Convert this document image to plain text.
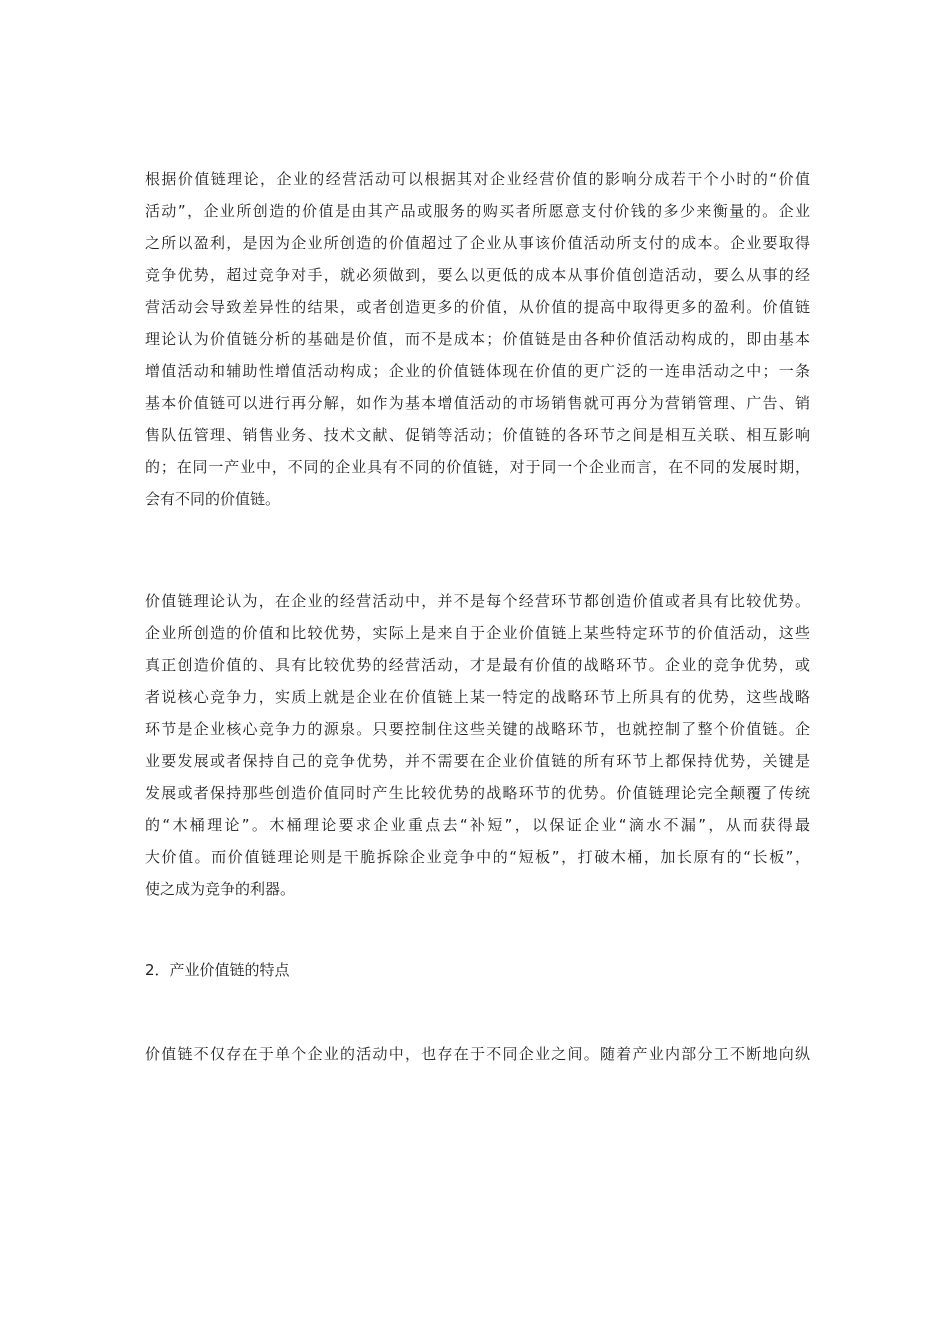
根据价值链理论，企业的经营活动可以根据其对企业经营价值的影响分成若干个小时的“价值
活动”，企业所创造的价值是由其产品或服务的购买者所愿意支付价钱的多少来衡量的。企业
之所以盈利，是因为企业所创造的价值超过了企业从事该价值活动所支付的成本。企业要取得
竞争优势，超过竞争对手，就必须做到，要么以更低的成本从事价值创造活动，要么从事的经
营活动会导致差异性的结果，或者创造更多的价值，从价值的提高中取得更多的盈利。价值链
理论认为价值链分析的基础是价值，而不是成本；价值链是由各种价值活动构成的，即由基本
增值活动和辅助性增值活动构成；企业的价值链体现在价值的更广泛的一连串活动之中；一条
基本价值链可以进行再分解，如作为基本增值活动的市场销售就可再分为营销管理、广告、销
售队伍管理、销售业务、技术文献、促销等活动；价值链的各环节之间是相互关联、相互影响
的；在同一产业中，不同的企业具有不同的价值链，对于同一个企业而言，在不同的发展时期，
会有不同的价值链。
价值链理论认为，在企业的经营活动中，并不是每个经营环节都创造价值或者具有比较优势。
企业所创造的价值和比较优势，实际上是来自于企业价值链上某些特定环节的价值活动，这些
真正创造价值的、具有比较优势的经营活动，才是最有价值的战略环节。企业的竞争优势，或
者说核心竞争力，实质上就是企业在价值链上某一特定的战略环节上所具有的优势，这些战略
环节是企业核心竞争力的源泉。只要控制住这些关键的战略环节，也就控制了整个价值链。企
业要发展或者保持自己的竞争优势，并不需要在企业价值链的所有环节上都保持优势，关键是
发展或者保持那些创造价值同时产生比较优势的战略环节的优势。价值链理论完全颠覆了传统
的“木桶理论”。木桶理论要求企业重点去“补短”，以保证企业“滴水不漏”，从而获得最
大价值。而价值链理论则是干脆拆除企业竞争中的“短板”，打破木桶，加长原有的“长板”，
使之成为竞争的利器。
2．产业价值链的特点
价值链不仅存在于单个企业的活动中，也存在于不同企业之间。随着产业内部分工不断地向纵
